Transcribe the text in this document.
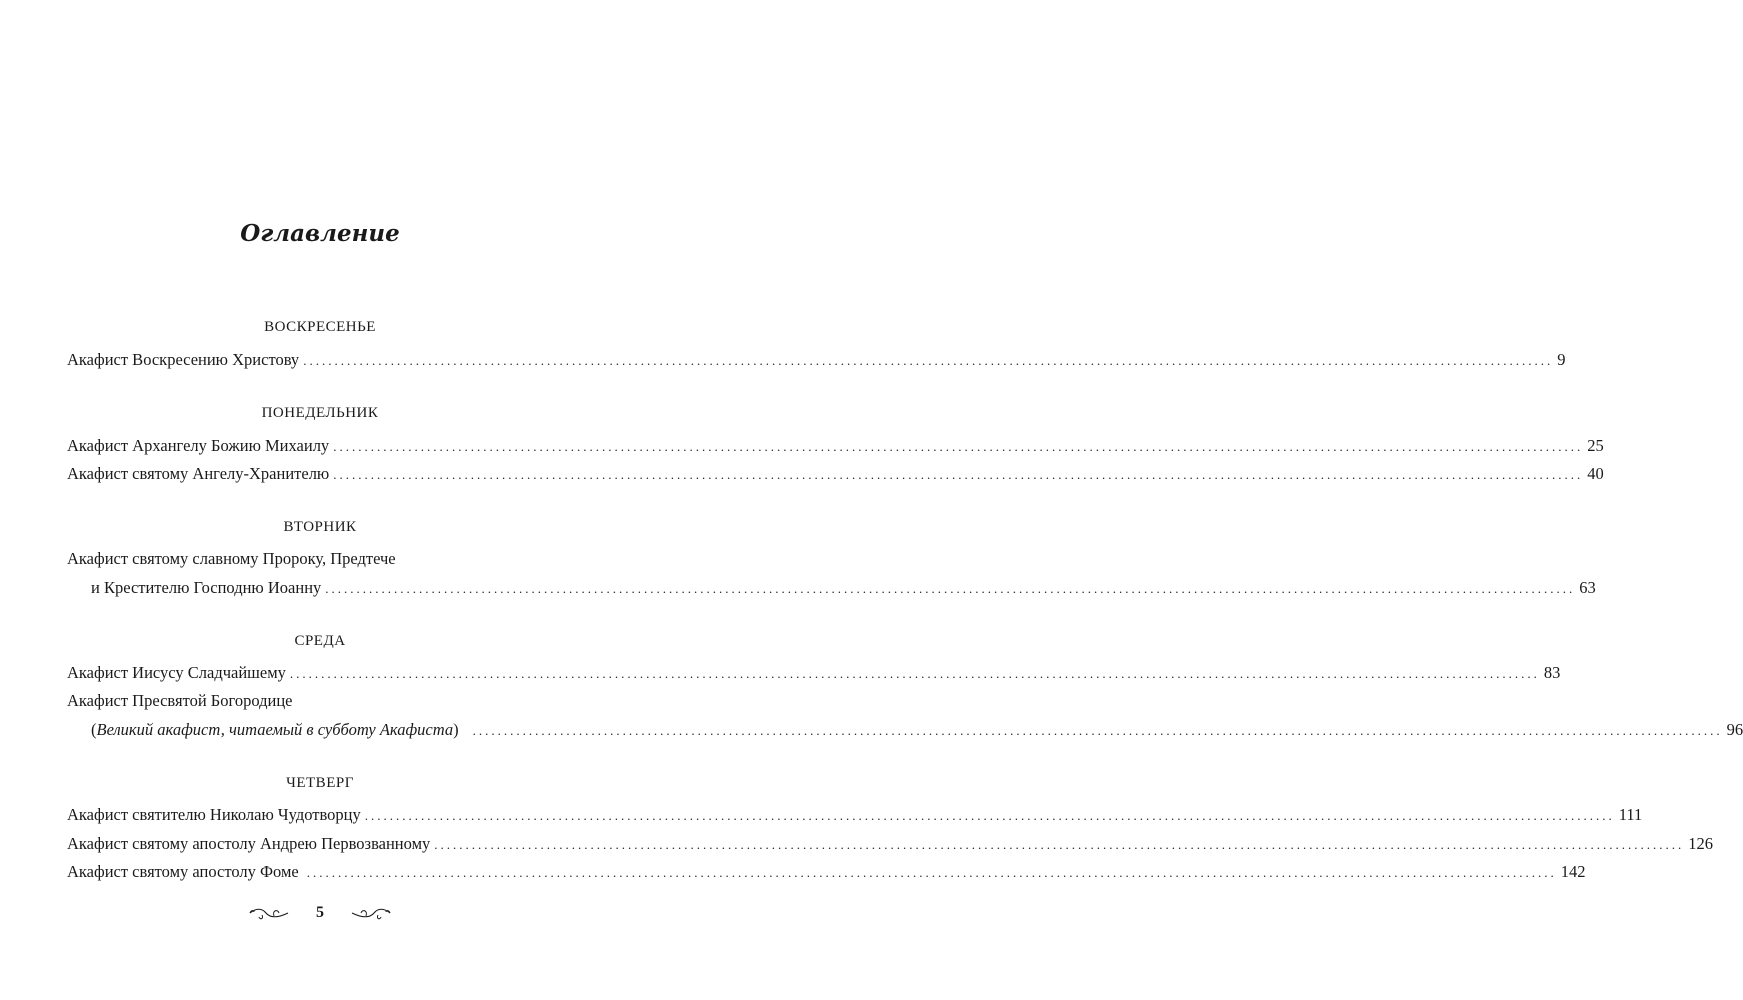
Оглавление
ВОСКРЕСЕНЬЕ
Акафист Воскресению Христову ........................................................................................................................................................................................................ 9
ПОНЕДЕЛЬНИК
Акафист Архангелу Божию Михаилу ........................................................................................................................................................................................................ 25
Акафист святому Ангелу-Хранителю ........................................................................................................................................................................................................ 40
ВТОРНИК
Акафист святому славному Пророку, Предтече
и Крестителю Господню Иоанну ........................................................................................................................................................................................................ 63
СРЕДА
Акафист Иисусу Сладчайшему ........................................................................................................................................................................................................ 83
Акафист Пресвятой Богородице
(Великий акафист, читаемый в субботу Акафиста) ........................................................................................................................................................................................................ 96
ЧЕТВЕРГ
Акафист святителю Николаю Чудотворцу ........................................................................................................................................................................................................ 111
Акафист святому апостолу Андрею Первозванному ........................................................................................................................................................................................................ 126
Акафист святому апостолу Фоме ........................................................................................................................................................................................................ 142
5
